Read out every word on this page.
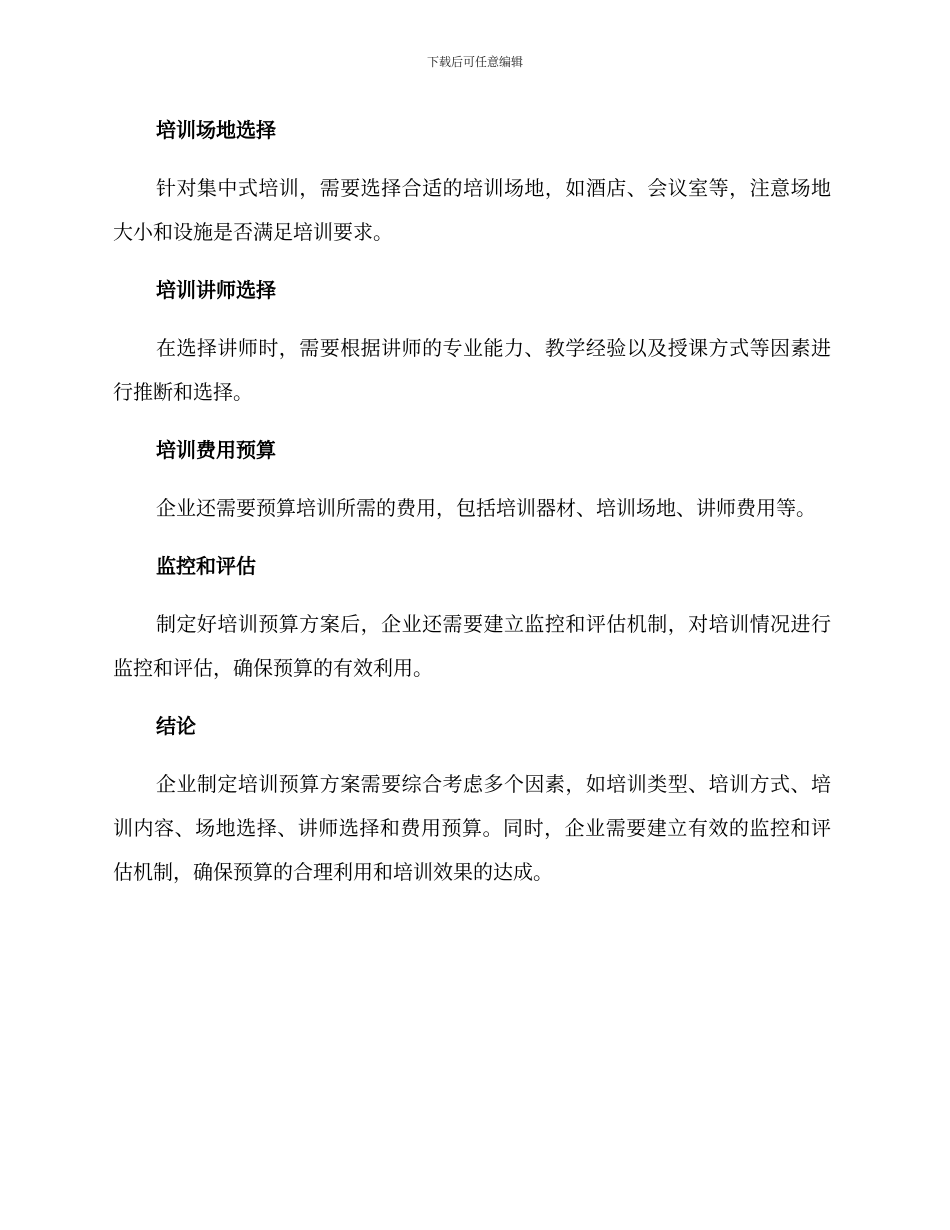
下载后可任意编辑
培训场地选择

针对集中式培训，需要选择合适的培训场地，如酒店、会议室等，注意场地大小和设施是否满足培训要求。

培训讲师选择

在选择讲师时，需要根据讲师的专业能力、教学经验以及授课方式等因素进行推断和选择。

培训费用预算

企业还需要预算培训所需的费用，包括培训器材、培训场地、讲师费用等。

监控和评估

制定好培训预算方案后，企业还需要建立监控和评估机制，对培训情况进行监控和评估，确保预算的有效利用。

结论

企业制定培训预算方案需要综合考虑多个因素，如培训类型、培训方式、培训内容、场地选择、讲师选择和费用预算。同时，企业需要建立有效的监控和评估机制，确保预算的合理利用和培训效果的达成。
